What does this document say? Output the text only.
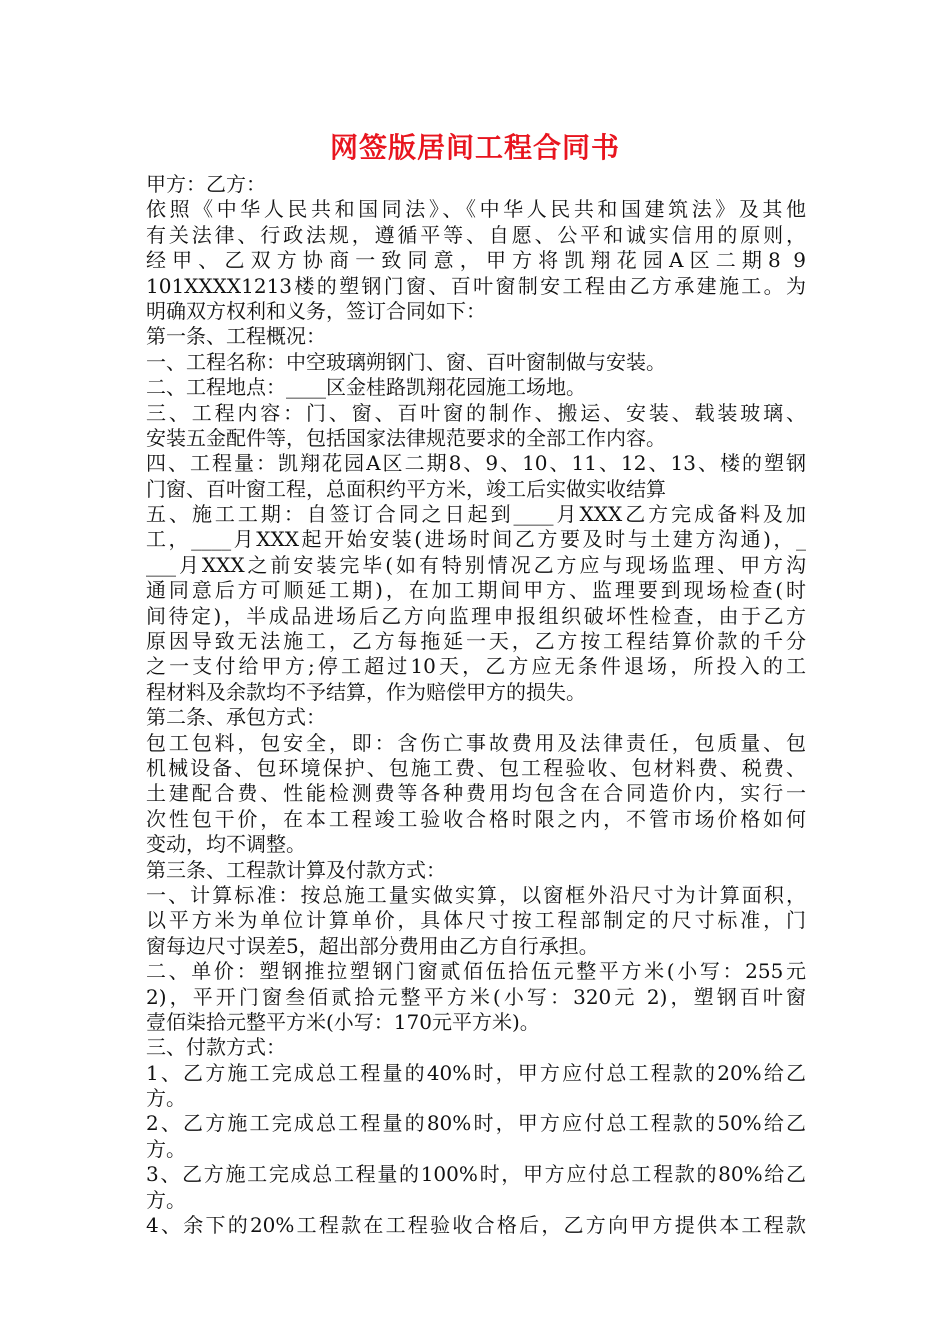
网签版居间工程合同书
甲方：乙方：
依照《中华人民共和国同法》、《中华人民共和国建筑法》及其他
有关法律、行政法规，遵循平等、自愿、公平和诚实信用的原则，
经甲、乙双方协商一致同意，甲方将凯翔花园A区二期8 9
101XXXX1213楼的塑钢门窗、百叶窗制安工程由乙方承建施工。为
明确双方权利和义务，签订合同如下：
第一条、工程概况：
一、工程名称：中空玻璃朔钢门、窗、百叶窗制做与安装。
二、工程地点：____区金桂路凯翔花园施工场地。
三、工程内容：门、窗、百叶窗的制作、搬运、安装、载装玻璃、
安装五金配件等，包括国家法律规范要求的全部工作内容。
四、工程量：凯翔花园A区二期8、9、10、11、12、13、楼的塑钢
门窗、百叶窗工程，总面积约平方米，竣工后实做实收结算
五、施工工期：自签订合同之日起到____月XXX乙方完成备料及加
工，____月XXX起开始安装(进场时间乙方要及时与土建方沟通)，_
___月XXX之前安装完毕(如有特别情况乙方应与现场监理、甲方沟
通同意后方可顺延工期)，在加工期间甲方、监理要到现场检查(时
间待定)，半成品进场后乙方向监理申报组织破坏性检查，由于乙方
原因导致无法施工，乙方每拖延一天，乙方按工程结算价款的千分
之一支付给甲方;停工超过10天，乙方应无条件退场，所投入的工
程材料及余款均不予结算，作为赔偿甲方的损失。
第二条、承包方式：
包工包料，包安全，即：含伤亡事故费用及法律责任，包质量、包
机械设备、包环境保护、包施工费、包工程验收、包材料费、税费、
土建配合费、性能检测费等各种费用均包含在合同造价内，实行一
次性包干价，在本工程竣工验收合格时限之内，不管市场价格如何
变动，均不调整。
第三条、工程款计算及付款方式：
一、计算标准：按总施工量实做实算，以窗框外沿尺寸为计算面积，
以平方米为单位计算单价，具体尺寸按工程部制定的尺寸标准，门
窗每边尺寸误差5，超出部分费用由乙方自行承担。
二、单价：塑钢推拉塑钢门窗贰佰伍拾伍元整平方米(小写：255元
2)，平开门窗叁佰贰拾元整平方米(小写：320元 2)，塑钢百叶窗
壹佰柒拾元整平方米(小写：170元平方米)。
三、付款方式：
1、乙方施工完成总工程量的40%时，甲方应付总工程款的20%给乙
方。
2、乙方施工完成总工程量的80%时，甲方应付总工程款的50%给乙
方。
3、乙方施工完成总工程量的100%时，甲方应付总工程款的80%给乙
方。
4、余下的20%工程款在工程验收合格后，乙方向甲方提供本工程款
